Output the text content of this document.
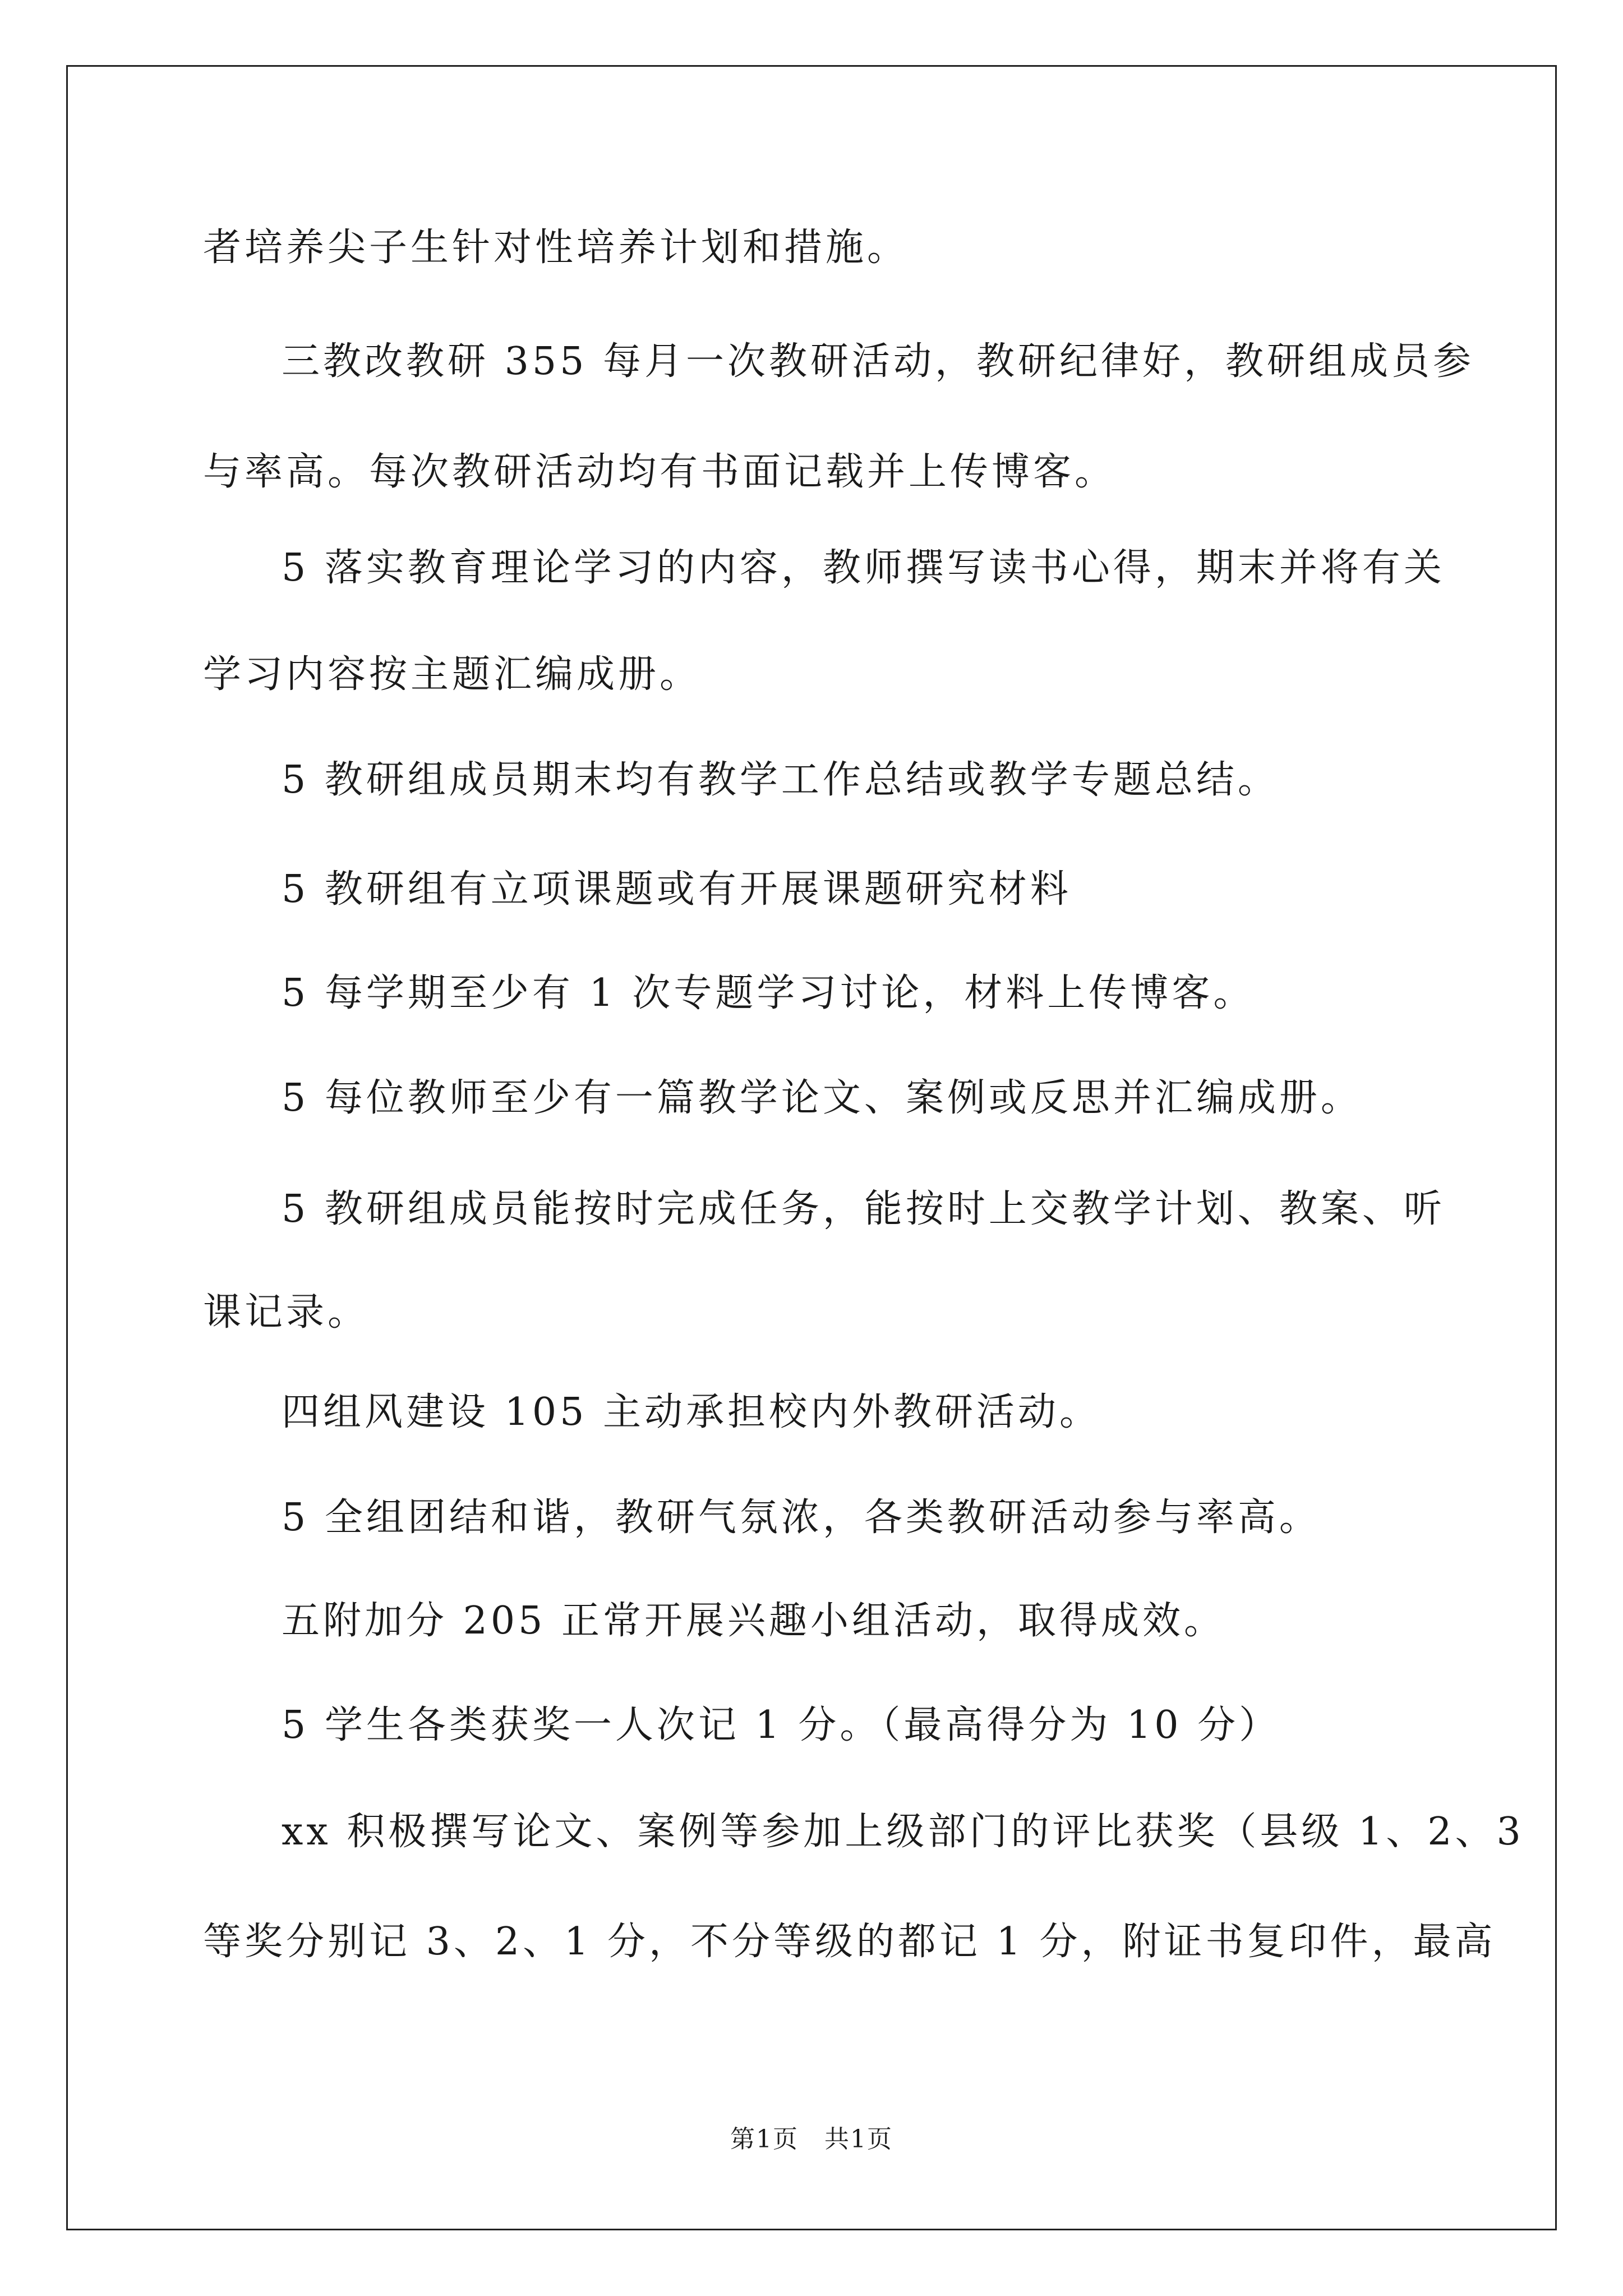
者培养尖子生针对性培养计划和措施。

三教改教研 355 每月一次教研活动，教研纪律好，教研组成员参

与率高。每次教研活动均有书面记载并上传博客。

5 落实教育理论学习的内容，教师撰写读书心得，期末并将有关

学习内容按主题汇编成册。

5 教研组成员期末均有教学工作总结或教学专题总结。

5 教研组有立项课题或有开展课题研究材料

5 每学期至少有 1 次专题学习讨论，材料上传博客。

5 每位教师至少有一篇教学论文、案例或反思并汇编成册。

5 教研组成员能按时完成任务，能按时上交教学计划、教案、听

课记录。

四组风建设 105 主动承担校内外教研活动。

5 全组团结和谐，教研气氛浓，各类教研活动参与率高。

五附加分 205 正常开展兴趣小组活动，取得成效。

5 学生各类获奖一人次记 1 分。（最高得分为 10 分）

xx 积极撰写论文、案例等参加上级部门的评比获奖（县级 1、2、3

等奖分别记 3、2、1 分，不分等级的都记 1 分，附证书复印件，最高

第1页　共1页
